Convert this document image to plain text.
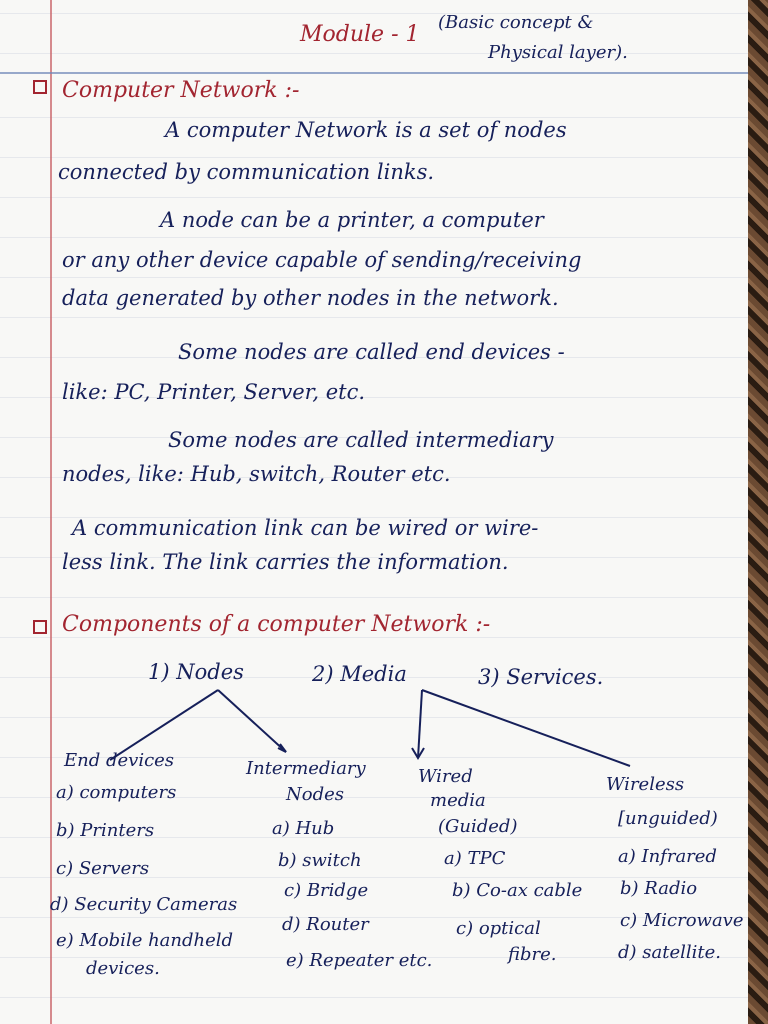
Module - 1 (Basic concept &
Physical layer).
Computer Network :-
A computer Network is a set of nodes
connected by communication links.
A node can be a printer, a computer
or any other device capable of sending/receiving
data generated by other nodes in the network.
Some nodes are called end devices -
like: PC, Printer, Server, etc.
Some nodes are called intermediary
nodes, like: Hub, switch, Router etc.
A communication link can be wired or wire-
less link. The link carries the information.
Components of a computer Network :-
1) Nodes	2) Media	3) Services.
End devices
a) computers
b) Printers
c) Servers
d) Security Cameras
e) Mobile handheld
devices.
Intermediary
Nodes
a) Hub
b) switch
c) Bridge
d) Router
e) Repeater etc.
Wired
media
(Guided)
a) TPC
b) Co-ax cable
c) optical
fibre.
Wireless
[unguided)
a) Infrared
b) Radio
c) Microwave
d) satellite.
